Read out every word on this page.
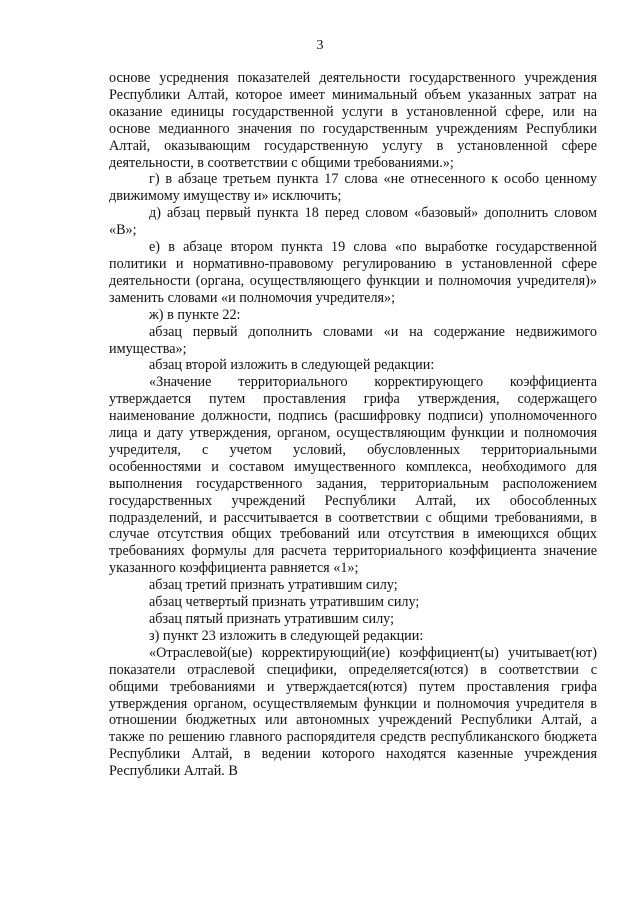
3

основе усреднения показателей деятельности государственного учреждения Республики Алтай, которое имеет минимальный объем указанных затрат на оказание единицы государственной услуги в установленной сфере, или на основе медианного значения по государственным учреждениям Республики Алтай, оказывающим государственную услугу в установленной сфере деятельности, в соответствии с общими требованиями.»;

г) в абзаце третьем пункта 17 слова «не отнесенного к особо ценному движимому имуществу и» исключить;

д) абзац первый пункта 18 перед словом «базовый» дополнить словом «В»;

е) в абзаце втором пункта 19 слова «по выработке государственной политики и нормативно-правовому регулированию в установленной сфере деятельности (органа, осуществляющего функции и полномочия учредителя)» заменить словами «и полномочия учредителя»;

ж) в пункте 22:

абзац первый дополнить словами «и на содержание недвижимого имущества»;

абзац второй изложить в следующей редакции:

«Значение территориального корректирующего коэффициента утверждается путем проставления грифа утверждения, содержащего наименование должности, подпись (расшифровку подписи) уполномоченного лица и дату утверждения, органом, осуществляющим функции и полномочия учредителя, с учетом условий, обусловленных территориальными особенностями и составом имущественного комплекса, необходимого для выполнения государственного задания, территориальным расположением государственных учреждений Республики Алтай, их обособленных подразделений, и рассчитывается в соответствии с общими требованиями, в случае отсутствия общих требований или отсутствия в имеющихся общих требованиях формулы для расчета территориального коэффициента значение указанного коэффициента равняется «1»;

абзац третий признать утратившим силу;

абзац четвертый признать утратившим силу;

абзац пятый признать утратившим силу;

з) пункт 23 изложить в следующей редакции:

«Отраслевой(ые) корректирующий(ие) коэффициент(ы) учитывает(ют) показатели отраслевой специфики, определяется(ются) в соответствии с общими требованиями и утверждается(ются) путем проставления грифа утверждения органом, осуществляемым функции и полномочия учредителя в отношении бюджетных или автономных учреждений Республики Алтай, а также по решению главного распорядителя средств республиканского бюджета Республики Алтай, в ведении которого находятся казенные учреждения Республики Алтай. В
